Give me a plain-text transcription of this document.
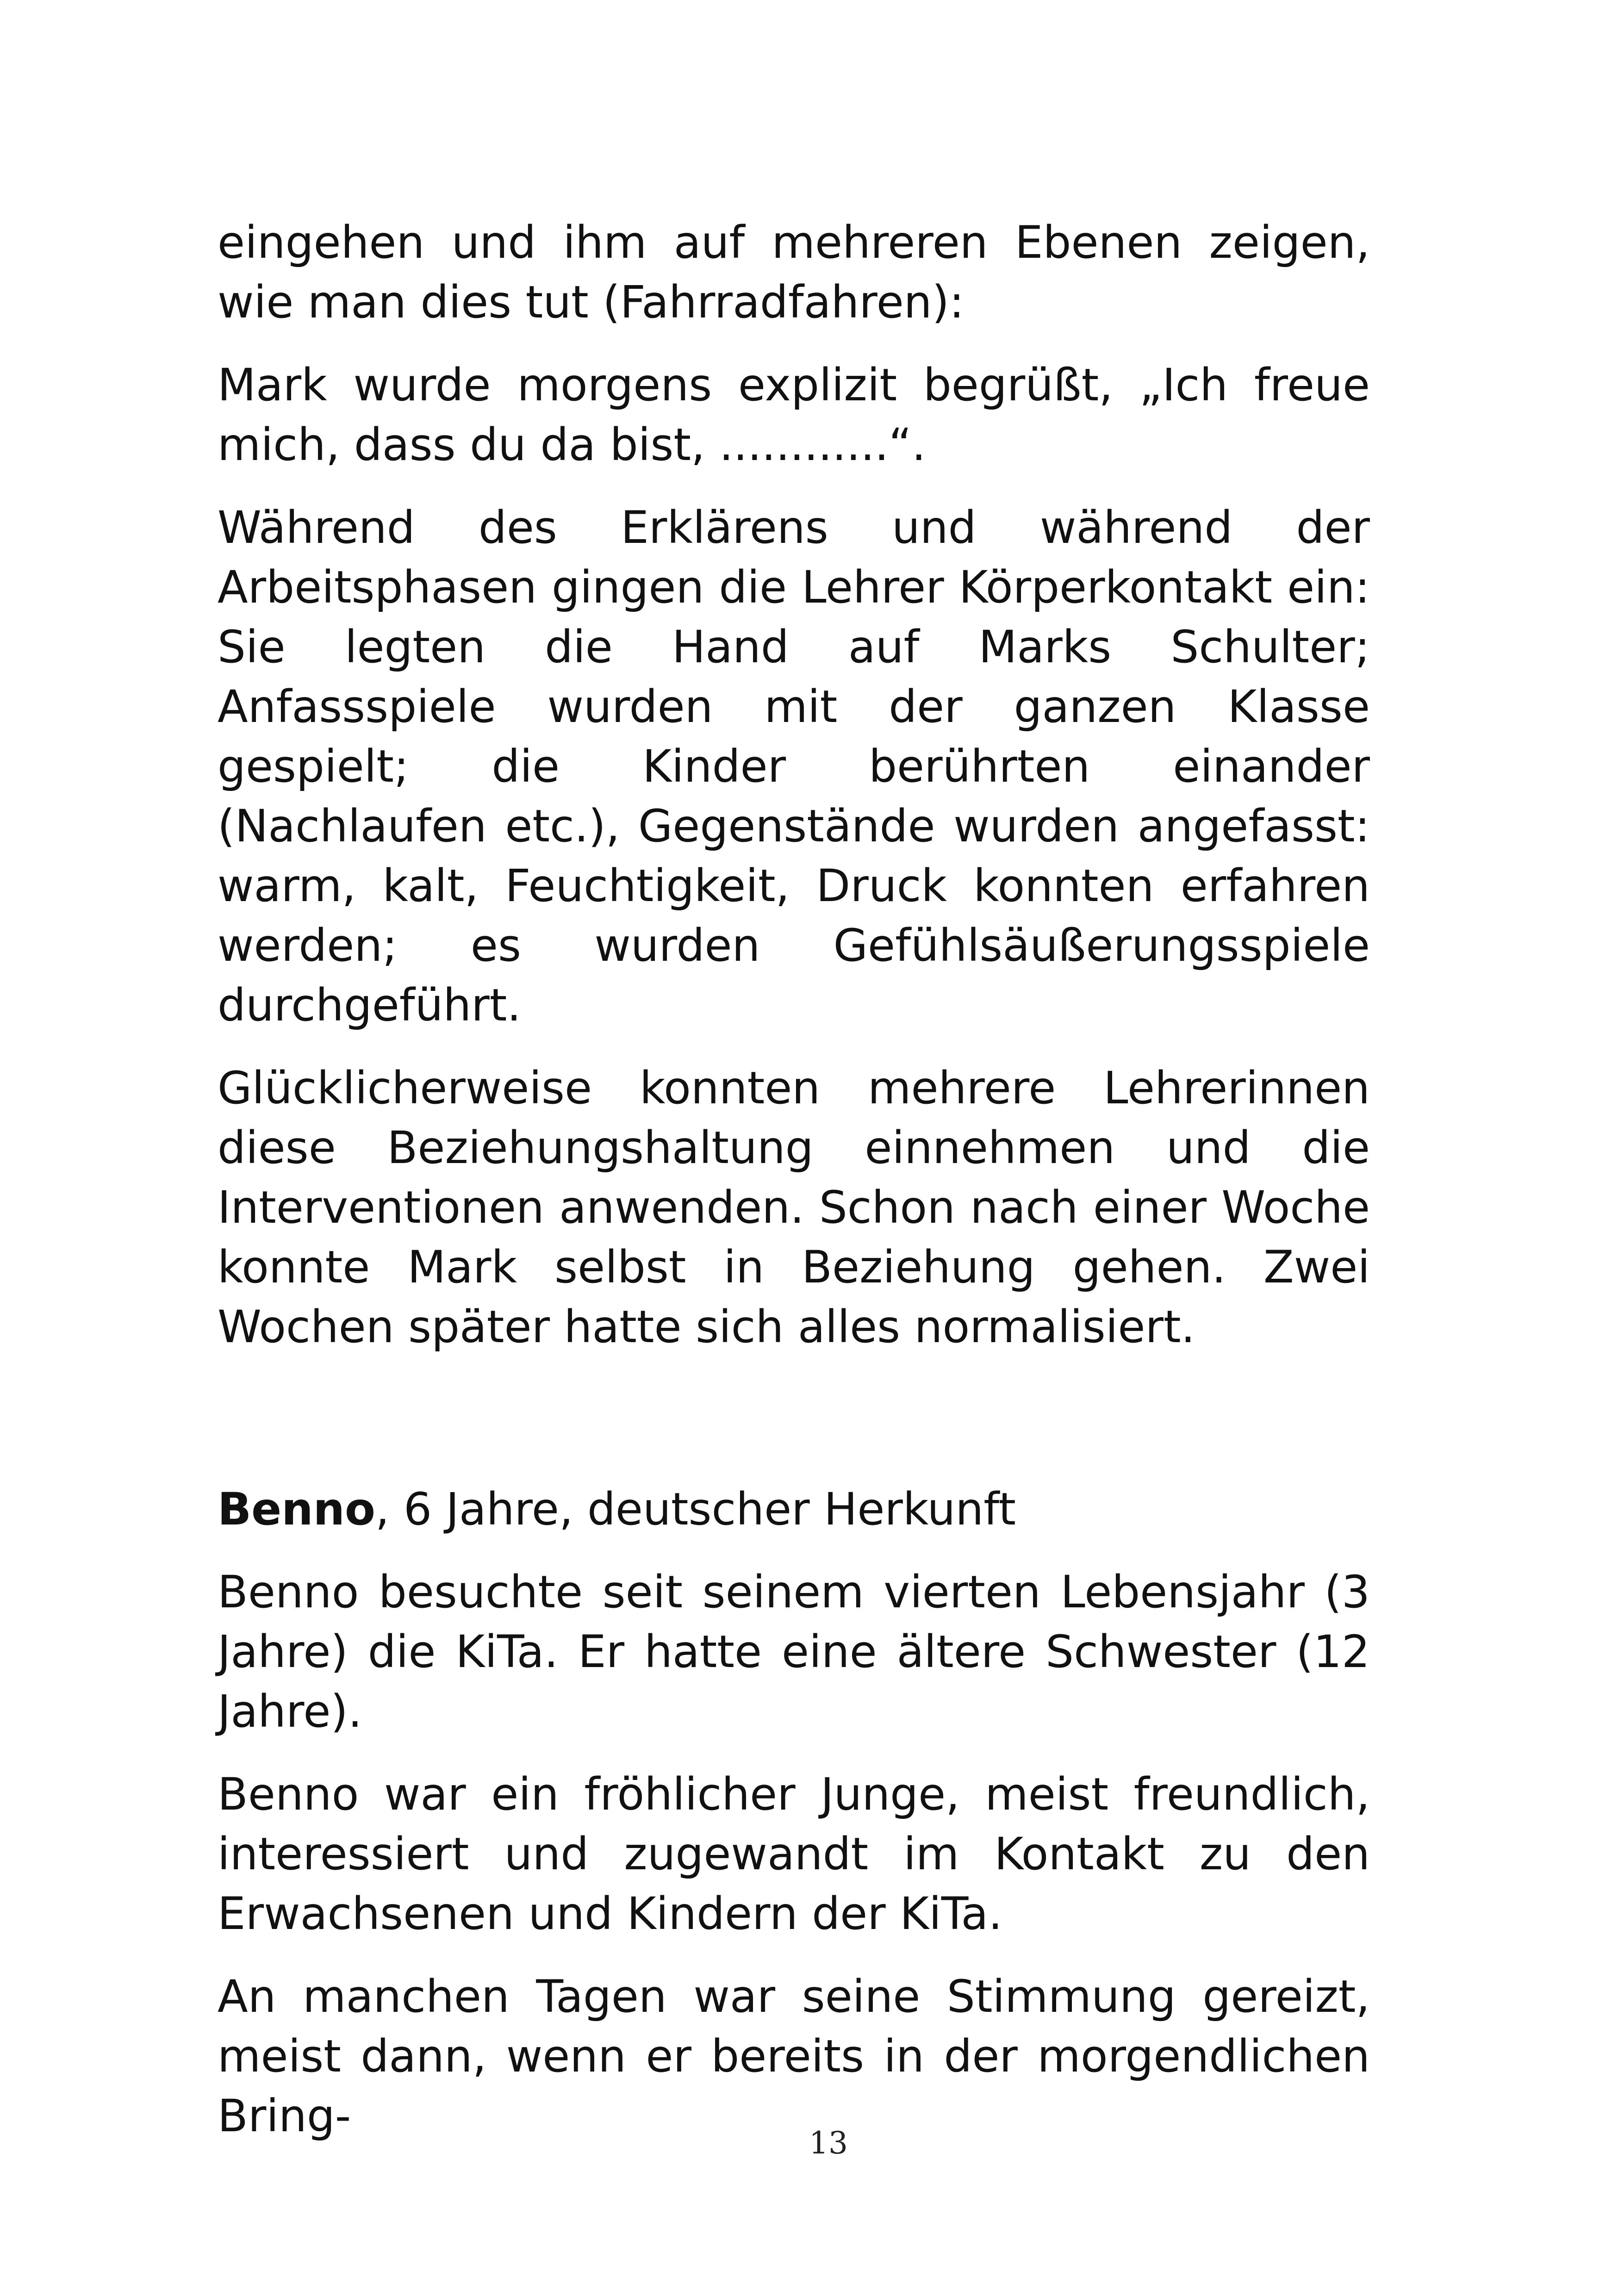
eingehen und ihm auf mehreren Ebenen zeigen, wie man dies tut (Fahrradfahren):

Mark wurde morgens explizit begrüßt, „Ich freue mich, dass du da bist, ............“.

Während des Erklärens und während der Arbeitsphasen gingen die Lehrer Körperkontakt ein: Sie legten die Hand auf Marks Schulter; Anfassspiele wurden mit der ganzen Klasse gespielt; die Kinder berührten einander (Nachlaufen etc.), Gegenstände wurden angefasst: warm, kalt, Feuchtigkeit, Druck konnten erfahren werden; es wurden Gefühlsäußerungsspiele durchgeführt.

Glücklicherweise konnten mehrere Lehrerinnen diese Beziehungshaltung einnehmen und die Interventionen anwenden. Schon nach einer Woche konnte Mark selbst in Beziehung gehen. Zwei Wochen später hatte sich alles normalisiert.

Benno, 6 Jahre, deutscher Herkunft

Benno besuchte seit seinem vierten Lebensjahr (3 Jahre) die KiTa. Er hatte eine ältere Schwester (12 Jahre).

Benno war ein fröhlicher Junge, meist freundlich, interessiert und zugewandt im Kontakt zu den Erwachsenen und Kindern der KiTa.

An manchen Tagen war seine Stimmung gereizt, meist dann, wenn er bereits in der morgendlichen Bring-

13
